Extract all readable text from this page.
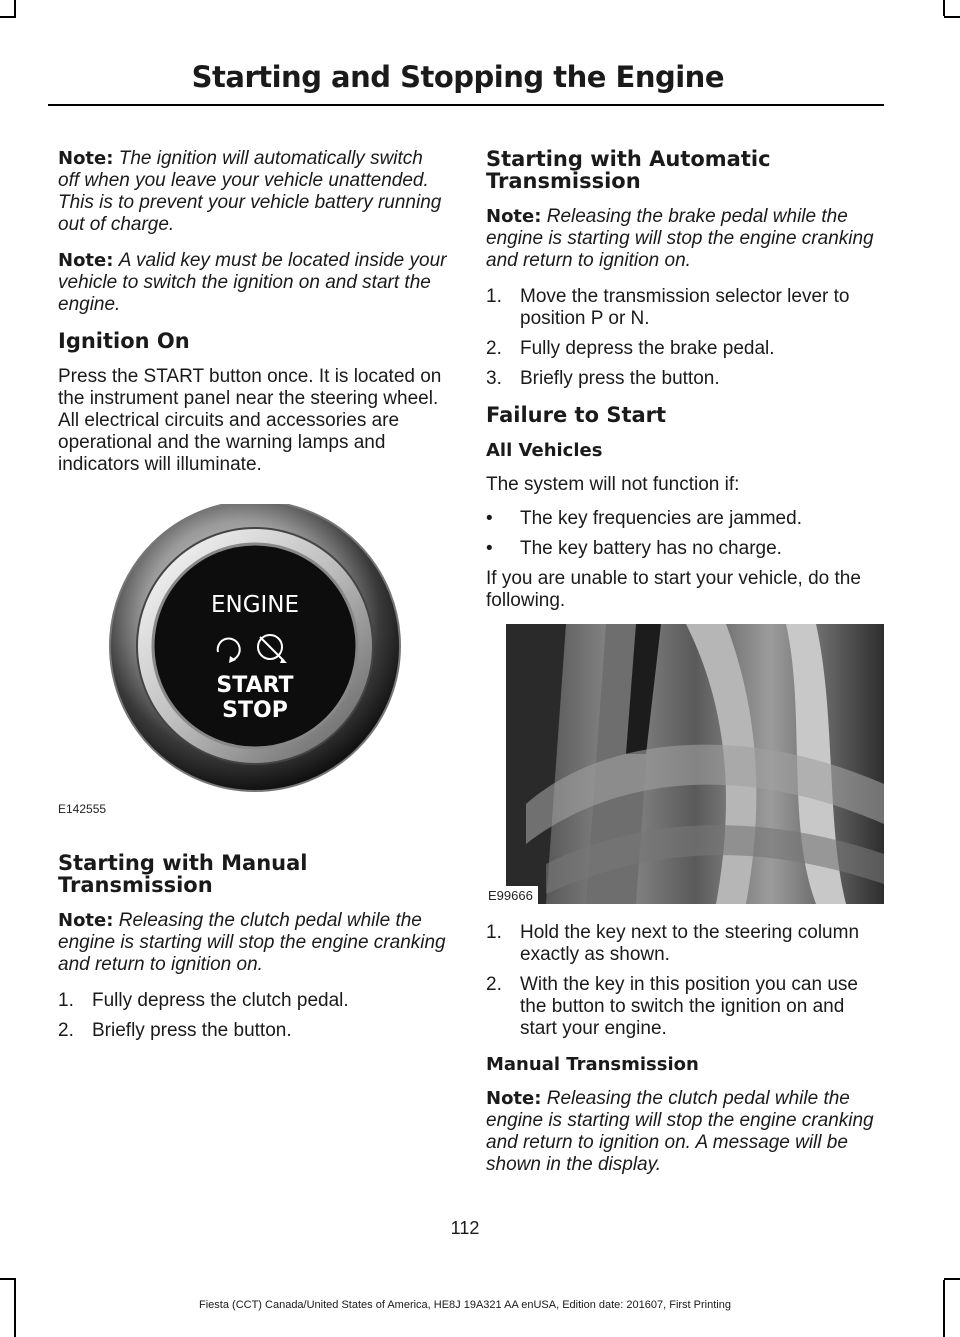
Starting and Stopping the Engine

Note: The ignition will automatically switch off when you leave your vehicle unattended. This is to prevent your vehicle battery running out of charge.

Note: A valid key must be located inside your vehicle to switch the ignition on and start the engine.

Ignition On

Press the START button once. It is located on the instrument panel near the steering wheel. All electrical circuits and accessories are operational and the warning lamps and indicators will illuminate.

ENGINE
START
STOP
E142555
Starting with Manual Transmission

Note: Releasing the clutch pedal while the engine is starting will stop the engine cranking and return to ignition on.

1. Fully depress the clutch pedal.
2. Briefly press the button.
Starting with Automatic Transmission

Note: Releasing the brake pedal while the engine is starting will stop the engine cranking and return to ignition on.

1. Move the transmission selector lever to position P or N.
2. Fully depress the brake pedal.
3. Briefly press the button.
Failure to Start
All Vehicles

The system will not function if:

• The key frequencies are jammed.
• The key battery has no charge.

If you are unable to start your vehicle, do the following.

E99666
1. Hold the key next to the steering column exactly as shown.
2. With the key in this position you can use the button to switch the ignition on and start your engine.
Manual Transmission

Note: Releasing the clutch pedal while the engine is starting will stop the engine cranking and return to ignition on. A message will be shown in the display.

112
Fiesta (CCT) Canada/United States of America, HE8J 19A321 AA enUSA, Edition date: 201607, First Printing
